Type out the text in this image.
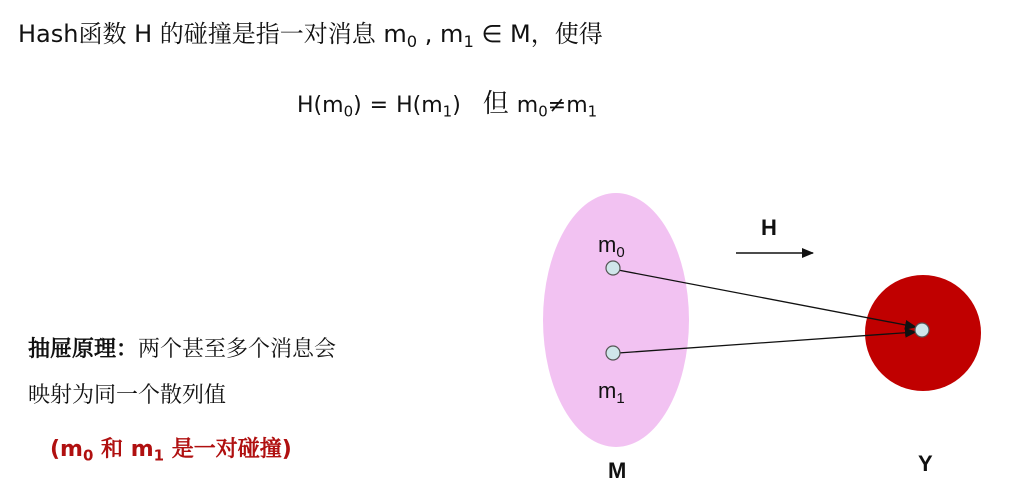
Hash函数 H 的碰撞是指一对消息 $m_0$ , $m_1$ ∈ M，使得
$H(m_0) = H(m_1)$ 但 $m_0\ne m_1$
抽屉原理：两个甚至多个消息会
映射为同一个散列值
($m_0$ 和 $m_1$ 是一对碰撞)
$m_0$
$m_1$
H
M	Y
